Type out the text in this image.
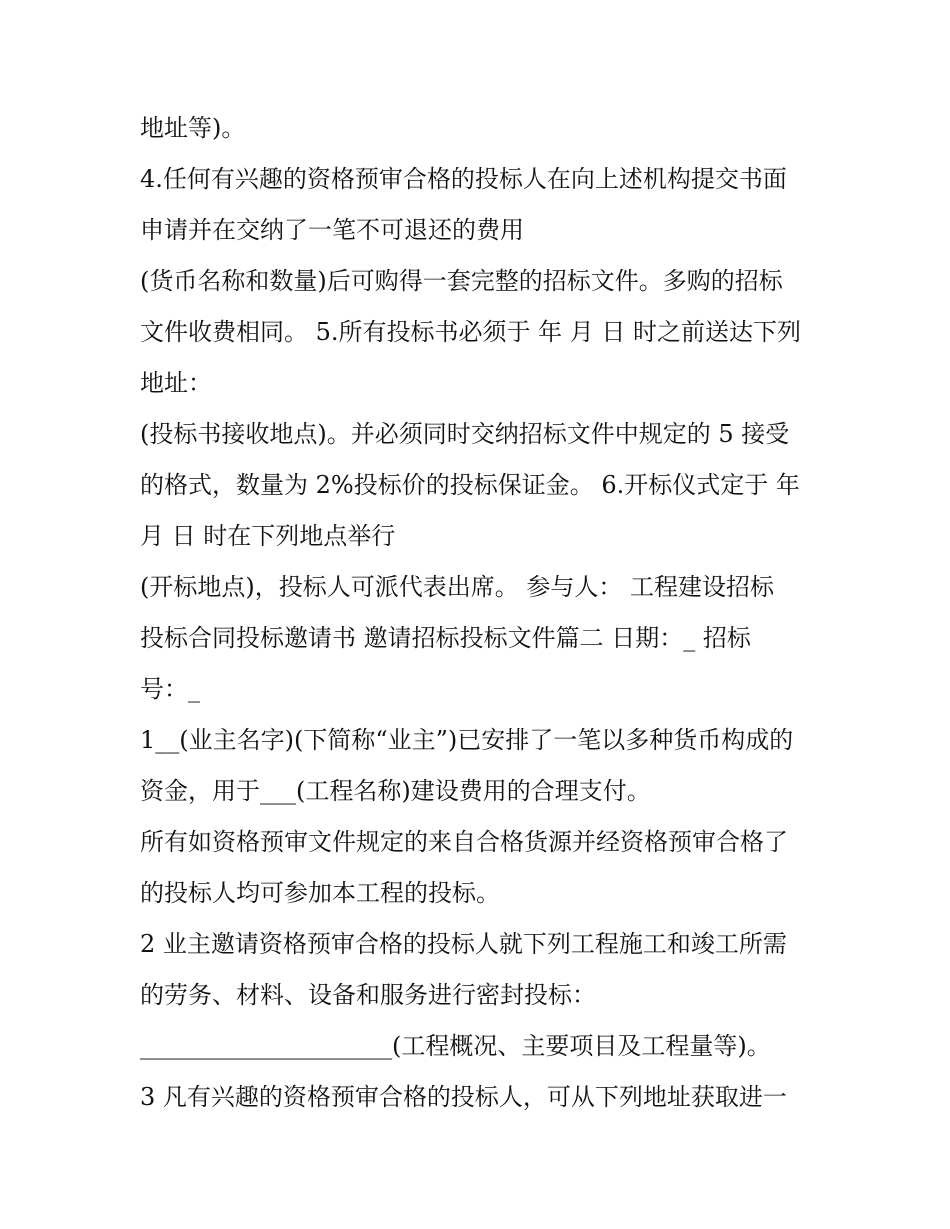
地址等)。
4.任何有兴趣的资格预审合格的投标人在向上述机构提交书面
申请并在交纳了一笔不可退还的费用
(货币名称和数量)后可购得一套完整的招标文件。多购的招标
文件收费相同。 5.所有投标书必须于 年 月 日 时之前送达下列
地址：
(投标书接收地点)。并必须同时交纳招标文件中规定的 5 接受
的格式，数量为 2%投标价的投标保证金。 6.开标仪式定于 年
月 日 时在下列地点举行
(开标地点)，投标人可派代表出席。 参与人： 工程建设招标
投标合同投标邀请书 邀请招标投标文件篇二 日期：_ 招标
号：_
1__(业主名字)(下简称“业主”)已安排了一笔以多种货币构成的
资金，用于___(工程名称)建设费用的合理支付。
所有如资格预审文件规定的来自合格货源并经资格预审合格了
的投标人均可参加本工程的投标。
2 业主邀请资格预审合格的投标人就下列工程施工和竣工所需
的劳务、材料、设备和服务进行密封投标：
_____________________(工程概况、主要项目及工程量等)。
3 凡有兴趣的资格预审合格的投标人，可从下列地址获取进一
